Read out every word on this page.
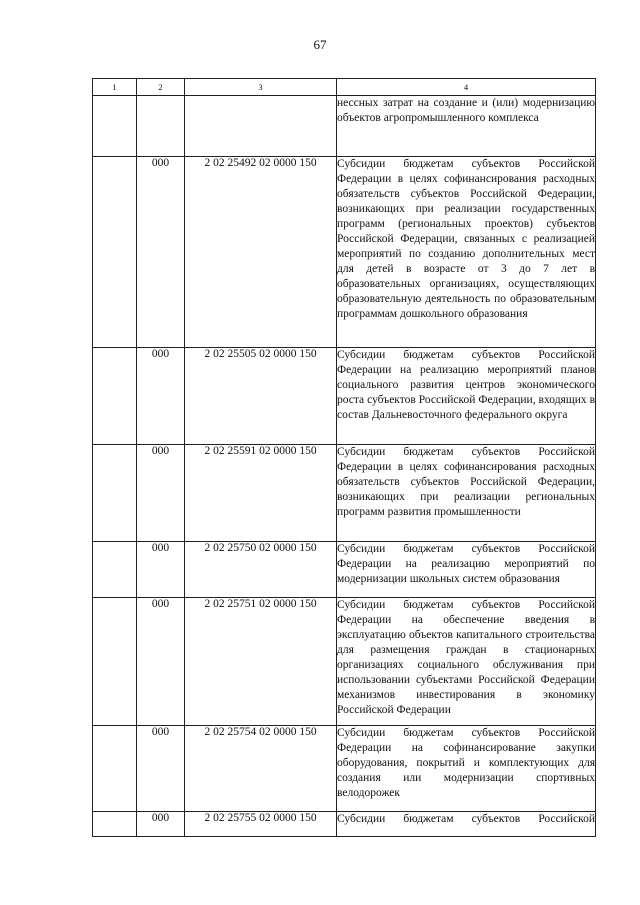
67
1	2	3	4
			нессных затрат на создание и (или) модернизацию объектов агропромышленного комплекса
	000	2 02 25492 02 0000 150	Субсидии бюджетам субъектов Российской Федерации в целях софинансирования расходных обязательств субъектов Российской Федерации, возникающих при реализации государственных программ (региональных проектов) субъектов Российской Федерации, связанных с реализацией мероприятий по созданию дополнительных мест для детей в возрасте от 3 до 7 лет в образовательных организациях, осуществляющих образовательную деятельность по образовательным программам дошкольного образования
	000	2 02 25505 02 0000 150	Субсидии бюджетам субъектов Российской Федерации на реализацию мероприятий планов социального развития центров экономического роста субъектов Российской Федерации, входящих в состав Дальневосточного федерального округа
	000	2 02 25591 02 0000 150	Субсидии бюджетам субъектов Российской Федерации в целях софинансирования расходных обязательств субъектов Российской Федерации, возникающих при реализации региональных программ развития промышленности
	000	2 02 25750 02 0000 150	Субсидии бюджетам субъектов Российской Федерации на реализацию мероприятий по модернизации школьных систем образования
	000	2 02 25751 02 0000 150	Субсидии бюджетам субъектов Российской Федерации на обеспечение введения в эксплуатацию объектов капитального строительства для размещения граждан в стационарных организациях социального обслуживания при использовании субъектами Российской Федерации механизмов инвестирования в экономику Российской Федерации
	000	2 02 25754 02 0000 150	Субсидии бюджетам субъектов Российской Федерации на софинансирование закупки оборудования, покрытий и комплектующих для создания или модернизации спортивных велодорожек
	000	2 02 25755 02 0000 150	Субсидии бюджетам субъектов Российской
